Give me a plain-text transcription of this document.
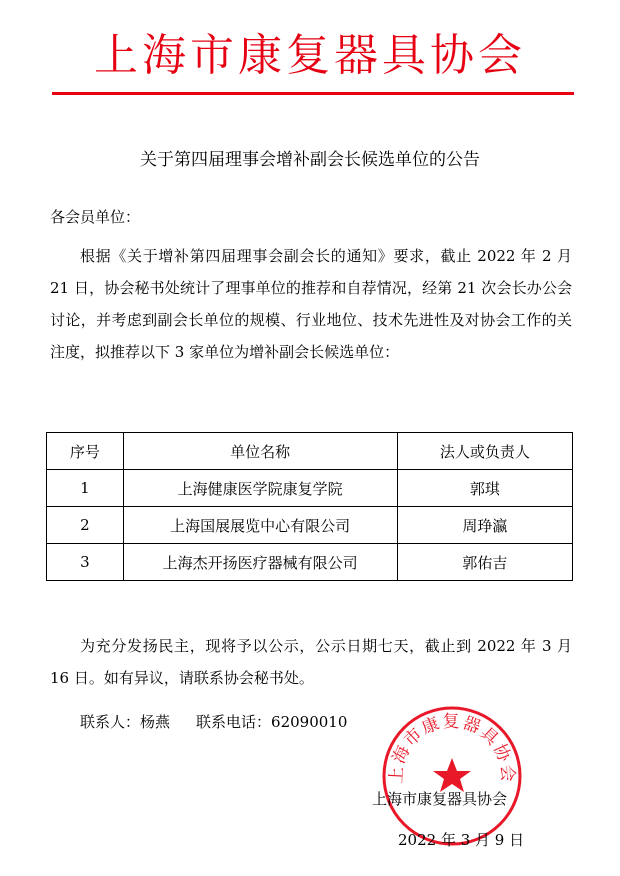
上海市康复器具协会
关于第四届理事会增补副会长候选单位的公告
各会员单位：
根据《关于增补第四届理事会副会长的通知》要求，截止 2022 年 2 月 21 日，协会秘书处统计了理事单位的推荐和自荐情况，经第 21 次会长办公会讨论，并考虑到副会长单位的规模、行业地位、技术先进性及对协会工作的关注度，拟推荐以下 3 家单位为增补副会长候选单位：
序号	单位名称	法人或负责人
1	上海健康医学院康复学院	郭琪
2	上海国展展览中心有限公司	周琤瀛
3	上海杰开扬医疗器械有限公司	郭佑吉
为充分发扬民主，现将予以公示，公示日期七天，截止到 2022 年 3 月 16 日。如有异议，请联系协会秘书处。
联系人：杨燕 联系电话：62090010
上海市康复器具协会
上海市康复器具协会
2022 年 3 月 9 日
